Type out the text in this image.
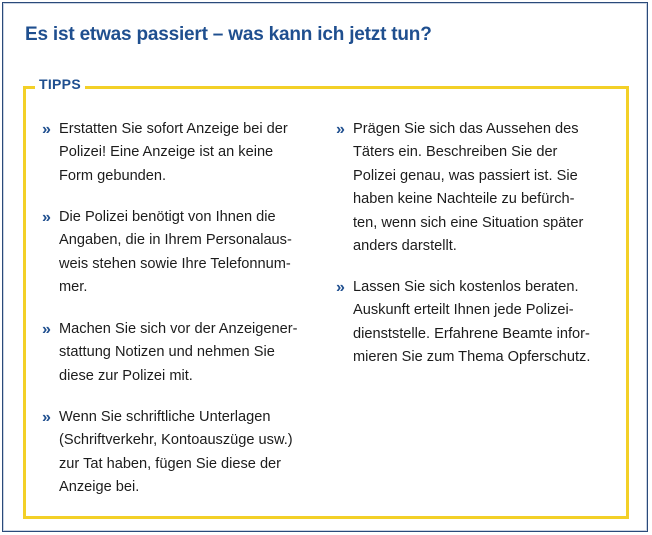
Es ist etwas passiert – was kann ich jetzt tun?
TIPPS
» Erstatten Sie sofort Anzeige bei der
Polizei! Eine Anzeige ist an keine
Form gebunden.
» Die Polizei benötigt von Ihnen die
Angaben, die in Ihrem Personalaus-
weis stehen sowie Ihre Telefonnum-
mer.
» Machen Sie sich vor der Anzeigener-
stattung Notizen und nehmen Sie
diese zur Polizei mit.
» Wenn Sie schriftliche Unterlagen
(Schriftverkehr, Kontoauszüge usw.)
zur Tat haben, fügen Sie diese der
Anzeige bei.
» Prägen Sie sich das Aussehen des
Täters ein. Beschreiben Sie der
Polizei genau, was passiert ist. Sie
haben keine Nachteile zu befürch-
ten, wenn sich eine Situation später
anders darstellt.
» Lassen Sie sich kostenlos beraten.
Auskunft erteilt Ihnen jede Polizei-
dienststelle. Erfahrene Beamte infor-
mieren Sie zum Thema Opferschutz.
